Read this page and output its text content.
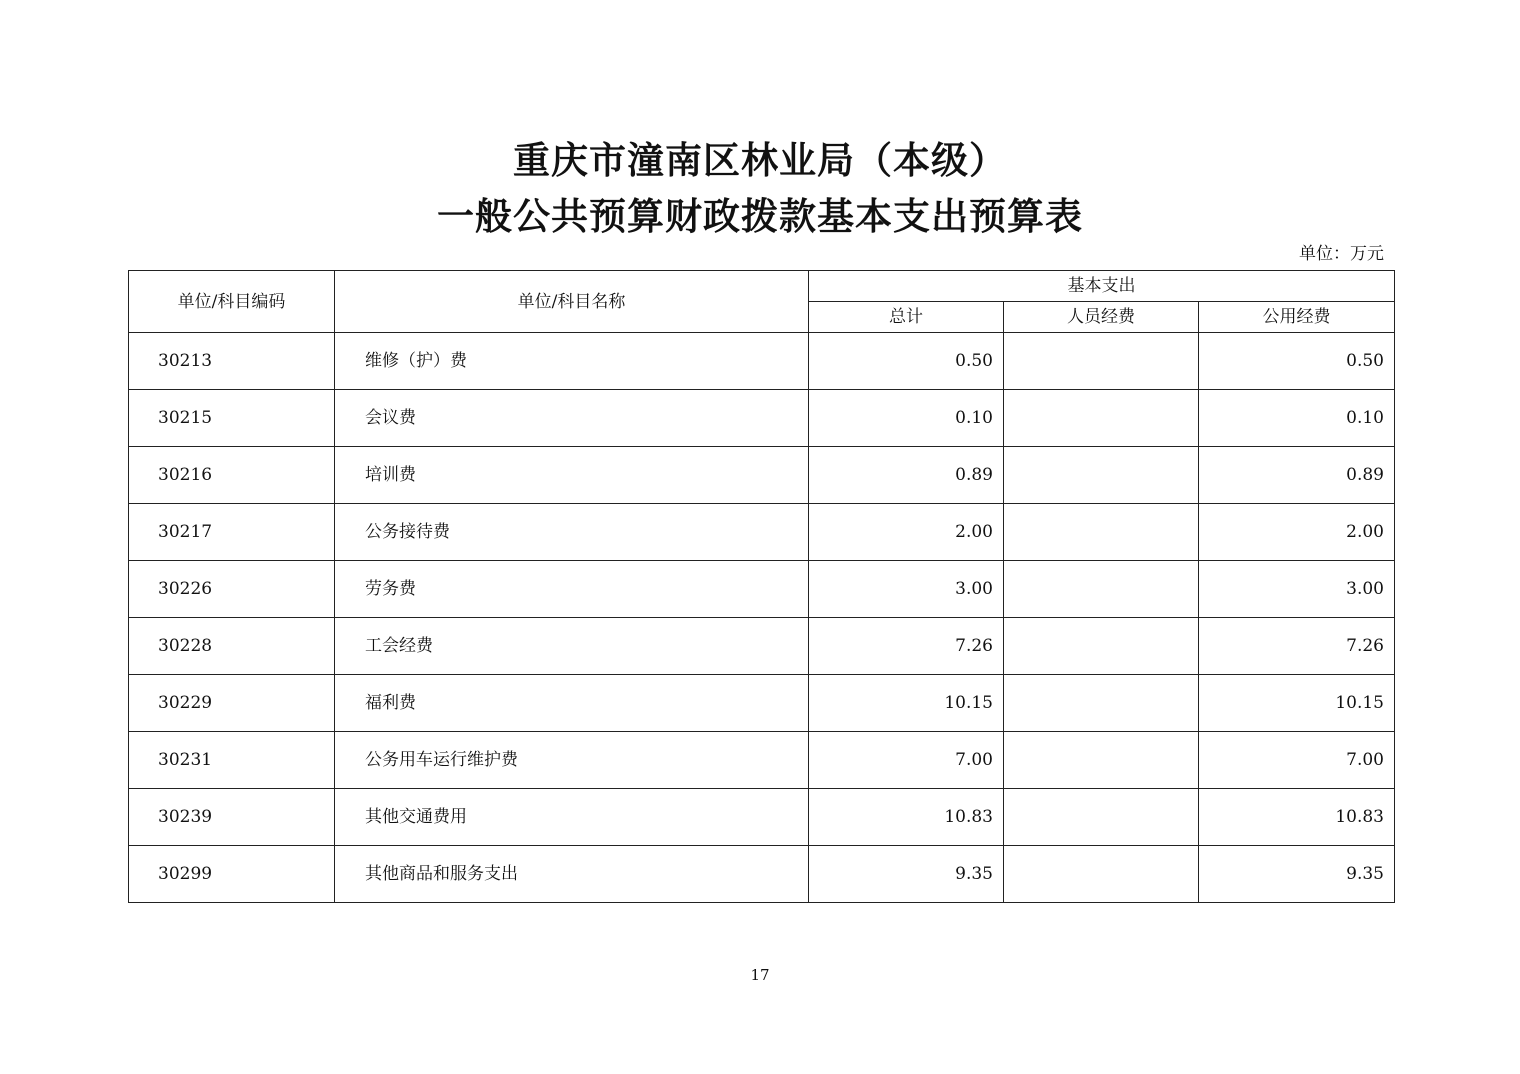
重庆市潼南区林业局（本级）
一般公共预算财政拨款基本支出预算表
单位：万元
单位/科目编码	单位/科目名称	基本支出		
		总计	人员经费	公用经费
30213	维修（护）费	0.50		0.50
30215	会议费	0.10		0.10
30216	培训费	0.89		0.89
30217	公务接待费	2.00		2.00
30226	劳务费	3.00		3.00
30228	工会经费	7.26		7.26
30229	福利费	10.15		10.15
30231	公务用车运行维护费	7.00		7.00
30239	其他交通费用	10.83		10.83
30299	其他商品和服务支出	9.35		9.35
17
